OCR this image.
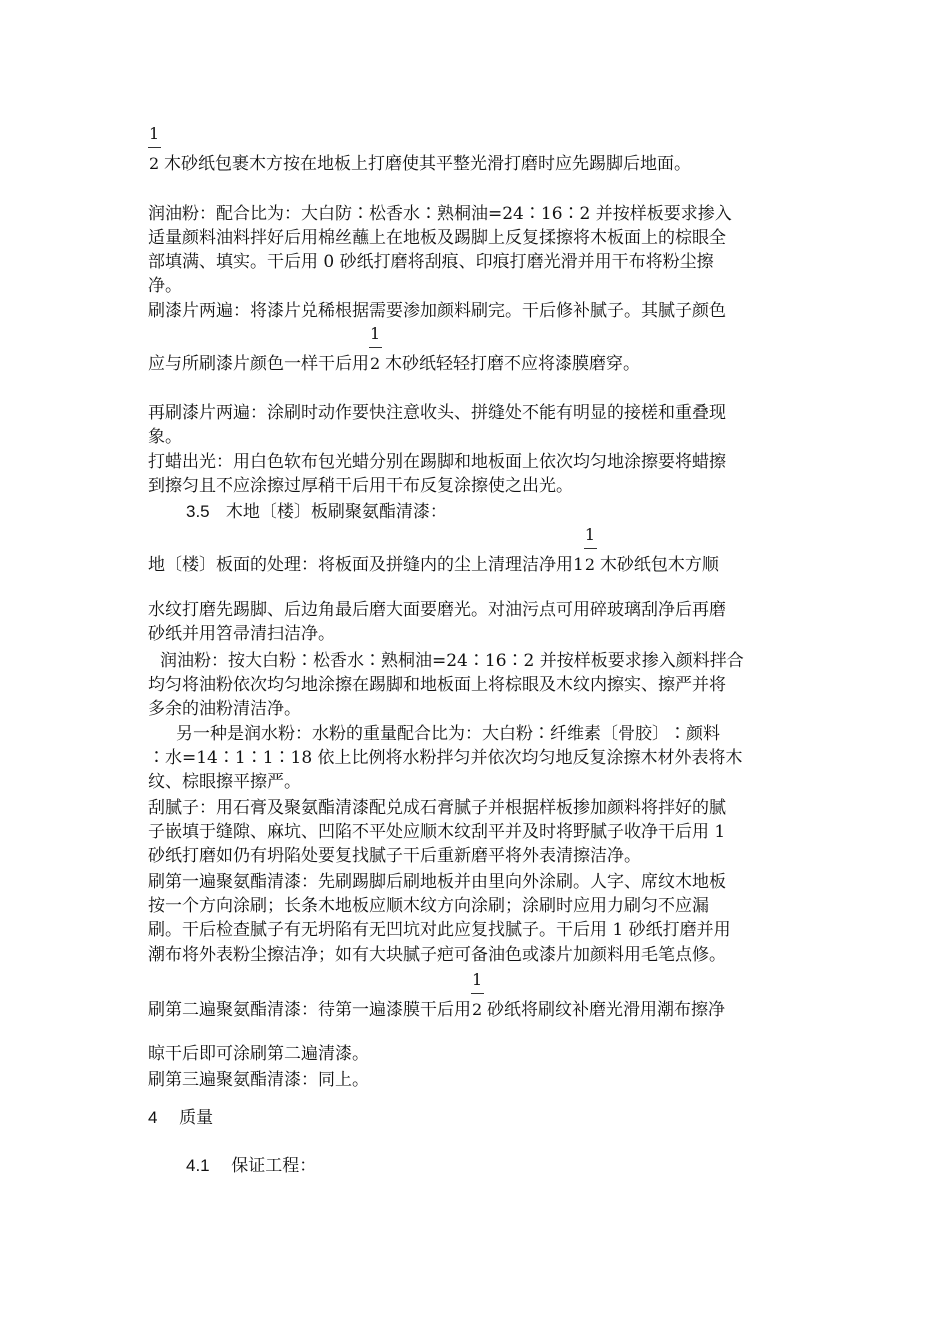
$\frac{1}{2}$ 木砂纸包裹木方按在地板上打磨使其平整光滑打磨时应先踢脚后地面。
润油粉：配合比为：大白防∶松香水∶熟桐油=24∶16∶2 并按样板要求掺入
适量颜料油料拌好后用棉丝蘸上在地板及踢脚上反复揉擦将木板面上的棕眼全
部填满、填实。干后用 0 砂纸打磨将刮痕、印痕打磨光滑并用干布将粉尘擦
净。
刷漆片两遍：将漆片兑稀根据需要渗加颜料刷完。干后修补腻子。其腻子颜色
应与所刷漆片颜色一样干后用 $\frac{1}{2}$ 木砂纸轻轻打磨不应将漆膜磨穿。
再刷漆片两遍：涂刷时动作要快注意收头、拼缝处不能有明显的接槎和重叠现
象。
打蜡出光：用白色软布包光蜡分别在踢脚和地板面上依次均匀地涂擦要将蜡擦
到擦匀且不应涂擦过厚稍干后用干布反复涂擦使之出光。
3.5 木地〔楼〕板刷聚氨酯清漆：
地〔楼〕板面的处理：将板面及拼缝内的尘上清理洁净用$1 \frac{1}{2}$ 木砂纸包木方顺
水纹打磨先踢脚、后边角最后磨大面要磨光。对油污点可用碎玻璃刮净后再磨
砂纸并用笤帚清扫洁净。
润油粉：按大白粉∶松香水∶熟桐油=24∶16∶2 并按样板要求掺入颜料拌合
均匀将油粉依次均匀地涂擦在踢脚和地板面上将棕眼及木纹内擦实、擦严并将
多余的油粉清洁净。
另一种是润水粉：水粉的重量配合比为：大白粉∶纤维素〔骨胶〕∶颜料
∶水=14∶1∶1∶18 依上比例将水粉拌匀并依次均匀地反复涂擦木材外表将木
纹、棕眼擦平擦严。
刮腻子：用石膏及聚氨酯清漆配兑成石膏腻子并根据样板掺加颜料将拌好的腻
子嵌填于缝隙、麻坑、凹陷不平处应顺木纹刮平并及时将野腻子收净干后用 1
砂纸打磨如仍有坍陷处要复找腻子干后重新磨平将外表清擦洁净。
刷第一遍聚氨酯清漆：先刷踢脚后刷地板并由里向外涂刷。人字、席纹木地板
按一个方向涂刷；长条木地板应顺木纹方向涂刷；涂刷时应用力刷匀不应漏
刷。干后检查腻子有无坍陷有无凹坑对此应复找腻子。干后用 1 砂纸打磨并用
潮布将外表粉尘擦洁净；如有大块腻子疤可备油色或漆片加颜料用毛笔点修。
刷第二遍聚氨酯清漆：待第一遍漆膜干后用 $\frac{1}{2}$ 砂纸将刷纹补磨光滑用潮布擦净
晾干后即可涂刷第二遍清漆。
刷第三遍聚氨酯清漆：同上。
4 质量
4.1 保证工程：
